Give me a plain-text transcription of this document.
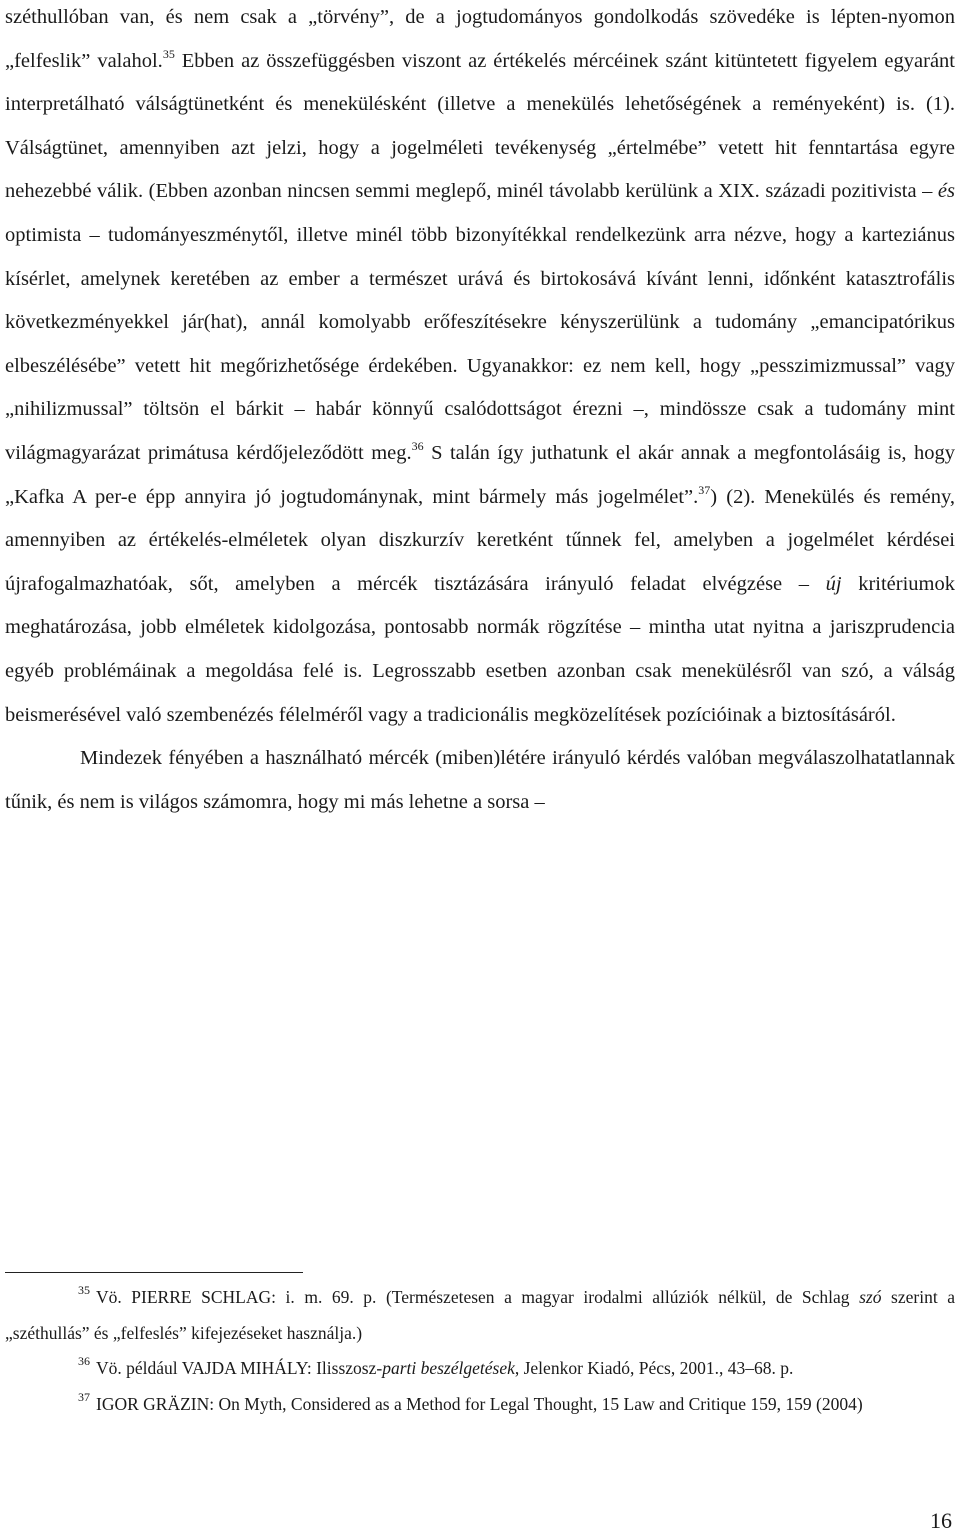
széthullóban van, és nem csak a „törvény”, de a jogtudományos gondolkodás szövedéke is lépten-nyomon „felfeslik” valahol.$^{35}$ Ebben az összefüggésben viszont az értékelés mércéinek szánt kitüntetett figyelem egyaránt interpretálható válságtünetként és menekülésként (illetve a menekülés lehetőségének a reményeként) is. (1). Válságtünet, amennyiben azt jelzi, hogy a jogelméleti tevékenység „értelmébe” vetett hit fenntartása egyre nehezebbé válik. (Ebben azonban nincsen semmi meglepő, minél távolabb kerülünk a XIX. századi pozitivista – és optimista – tudományeszménytől, illetve minél több bizonyítékkal rendelkezünk arra nézve, hogy a karteziánus kísérlet, amelynek keretében az ember a természet urává és birtokosává kívánt lenni, időnként katasztrofális következményekkel jár(hat), annál komolyabb erőfeszítésekre kényszerülünk a tudomány „emancipatórikus elbeszélésébe” vetett hit megőrizhetősége érdekében. Ugyanakkor: ez nem kell, hogy „pesszimizmussal” vagy „nihilizmussal” töltsön el bárkit – habár könnyű csalódottságot érezni –, mindössze csak a tudomány mint világmagyarázat primátusa kérdőjeleződött meg.$^{36}$ S talán így juthatunk el akár annak a megfontolásáig is, hogy „Kafka A per-e épp annyira jó jogtudománynak, mint bármely más jogelmélet”.$^{37}$) (2). Menekülés és remény, amennyiben az értékelés-elméletek olyan diszkurzív keretként tűnnek fel, amelyben a jogelmélet kérdései újrafogalmazhatóak, sőt, amelyben a mércék tisztázására irányuló feladat elvégzése – új kritériumok meghatározása, jobb elméletek kidolgozása, pontosabb normák rögzítése – mintha utat nyitna a jariszprudencia egyéb problémáinak a megoldása felé is. Legrosszabb esetben azonban csak menekülésről van szó, a válság beismerésével való szembenézés félelméről vagy a tradicionális megközelítések pozícióinak a biztosításáról.

Mindezek fényében a használható mércék (miben)létére irányuló kérdés valóban megválaszolhatatlannak tűnik, és nem is világos számomra, hogy mi más lehetne a sorsa –

$^{35}$ Vö. PIERRE SCHLAG: i. m. 69. p. (Természetesen a magyar irodalmi allúziók nélkül, de Schlag szó szerint a „széthullás” és „felfeslés” kifejezéseket használja.)

$^{36}$ Vö. például VAJDA MIHÁLY: Ilisszosz-parti beszélgetések, Jelenkor Kiadó, Pécs, 2001., 43–68. p.

$^{37}$ IGOR GRÄZIN: On Myth, Considered as a Method for Legal Thought, 15 Law and Critique 159, 159 (2004)

16
